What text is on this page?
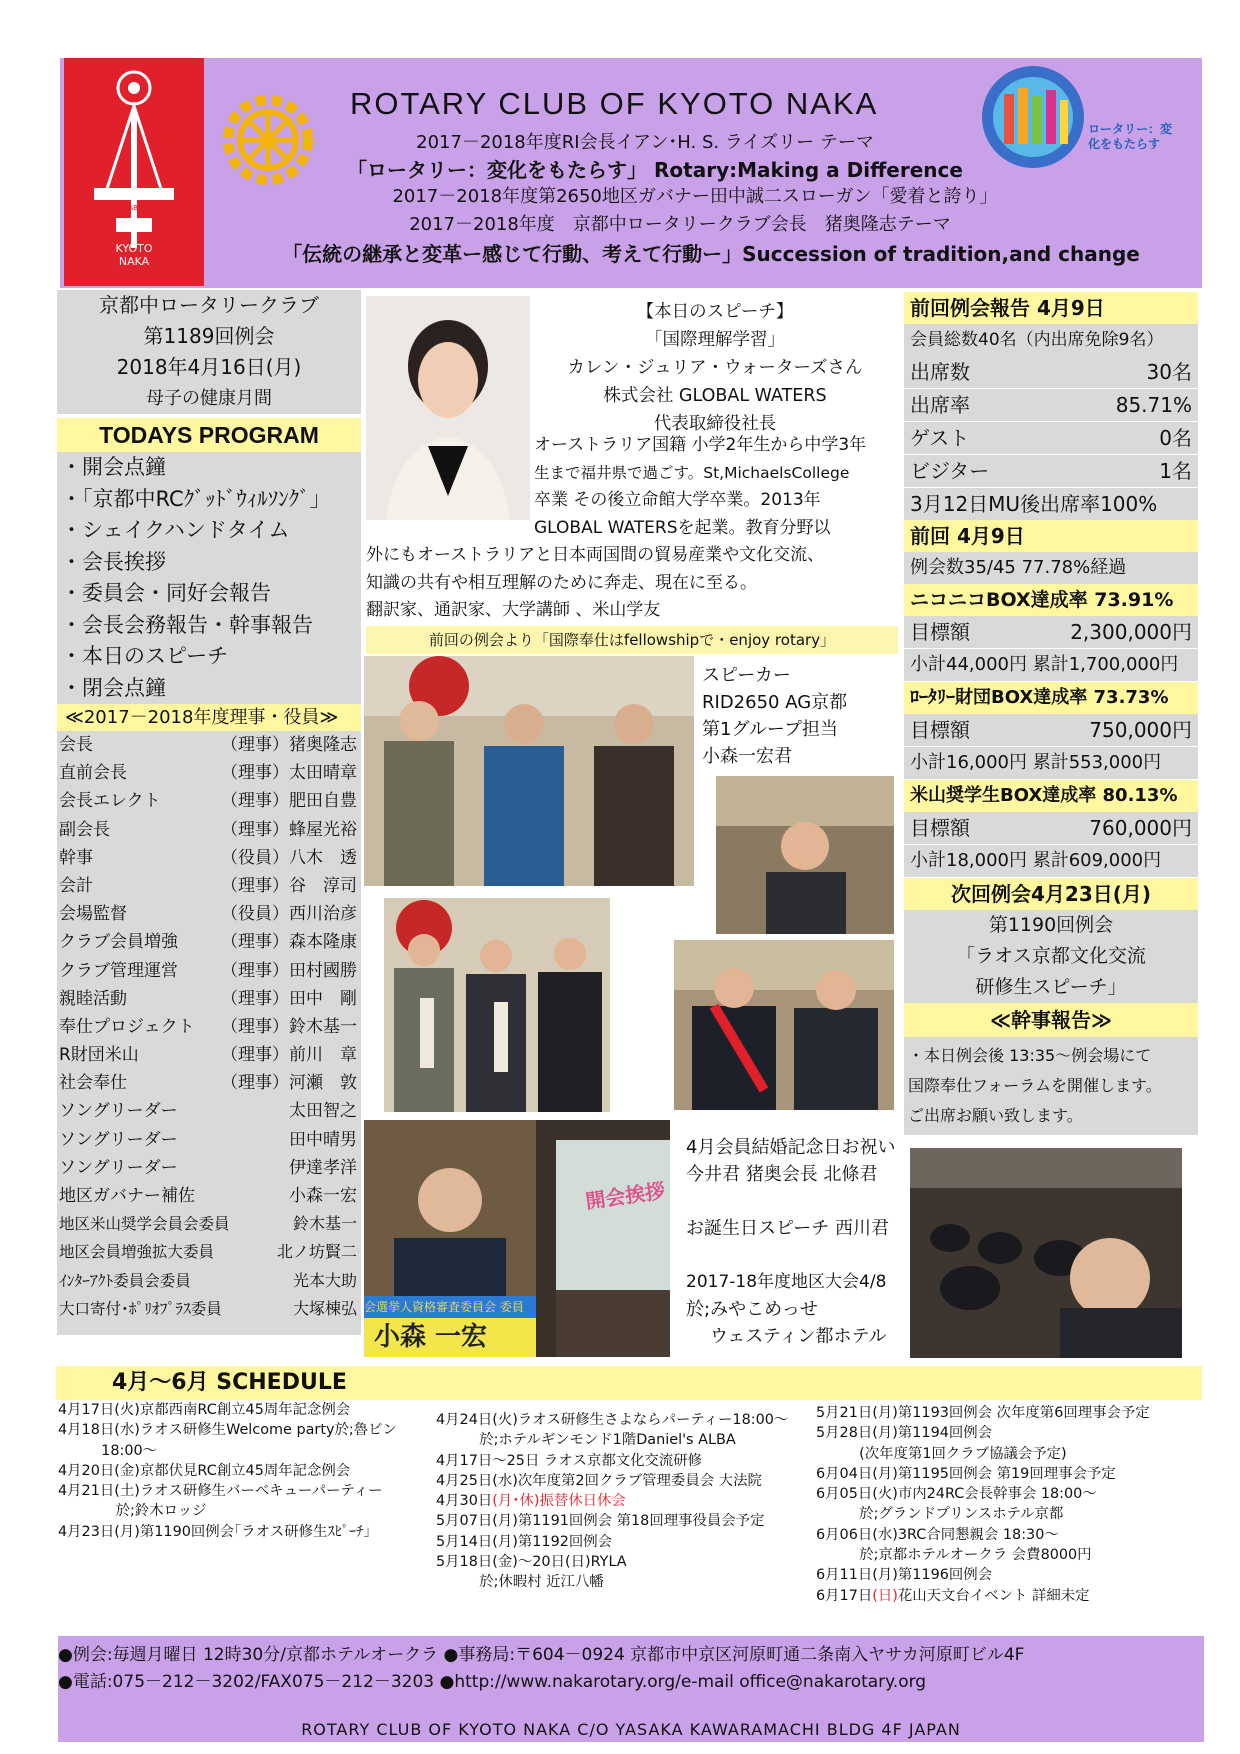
SERVICE ABOVE SELF
KYOTO NAKA
ROTARY CLUB OF KYOTO NAKA
2017－2018年度RI会長イアン･H. S. ライズリー テーマ
「ロータリー：変化をもたらす」 Rotary:Making a Difference
2017－2018年度第2650地区ガバナー田中誠二スローガン「愛着と誇り」
2017－2018年度　京都中ロータリークラブ会長　猪奥隆志テーマ
「伝統の継承と変革ー感じて行動、考えて行動ー」Succession of tradition,and change
ロータリー：変化をもたらす
京都中ロータリークラブ
第1189回例会
2018年4月16日(月)
母子の健康月間
TODAYS PROGRAM
・開会点鐘
・「京都中RCｸﾞｯﾄﾞｳｨﾙｿﾝｸﾞ」
・シェイクハンドタイム
・会長挨拶
・委員会・同好会報告
・会長会務報告・幹事報告
・本日のスピーチ
・閉会点鐘
≪2017－2018年度理事・役員≫
会長	（理事）猪奥隆志
直前会長	（理事）太田晴章
会長エレクト	（理事）肥田自豊
副会長	（理事）蜂屋光裕
幹事	（役員）八木　透
会計	（理事）谷　淳司
会場監督	（役員）西川治彦
クラブ会員増強	（理事）森本隆康
クラブ管理運営	（理事）田村國勝
親睦活動	（理事）田中　剛
奉仕プロジェクト	（理事）鈴木基一
R財団米山	（理事）前川　章
社会奉仕	（理事）河瀬　敦
ソングリーダー	太田智之
ソングリーダー	田中晴男
ソングリーダー	伊達孝洋
地区ガバナー補佐	小森一宏
地区米山奨学会員会委員	鈴木基一
地区会員増強拡大委員	北ノ坊賢二
ｲﾝﾀｰｱｸﾄ委員会委員	光本大助
大口寄付･ﾎﾟﾘｵﾌﾟﾗｽ委員	大塚棟弘
【本日のスピーチ】
「国際理解学習」
カレン・ジュリア・ウォーターズさん
株式会社 GLOBAL WATERS
代表取締役社長
オーストラリア国籍 小学2年生から中学3年
生まで福井県で過ごす。St,MichaelsCollege
卒業 その後立命館大学卒業。2013年
GLOBAL WATERSを起業。教育分野以
外にもオーストラリアと日本両国間の貿易産業や文化交流、
知識の共有や相互理解のために奔走、現在に至る。
翻訳家、通訳家、大学講師 、米山学友
前回の例会より「国際奉仕はfellowshipで・enjoy rotary」
スピーカー
RID2650 AG京都
第1グループ担当
小森一宏君
会選挙人資格審査委員会 委員
小森 一宏
開会挨拶
4月会員結婚記念日お祝い
今井君 猪奥会長 北條君
お誕生日スピーチ 西川君
2017-18年度地区大会4/8
於;みやこめっせ
ウェスティン都ホテル
前回例会報告 4月9日
会員総数40名（内出席免除9名）
出席数	30名
出席率	85.71%
ゲスト	0名
ビジター	1名
3月12日MU後出席率100%
前回 4月9日
例会数35/45 77.78%経過
ニコニコBOX達成率 73.91%
目標額	2,300,000円
小計44,000円 累計1,700,000円
ﾛｰﾀﾘｰ財団BOX達成率 73.73%
目標額	750,000円
小計16,000円 累計553,000円
米山奨学生BOX達成率 80.13%
目標額	760,000円
小計18,000円 累計609,000円
次回例会4月23日(月)
第1190回例会
「ラオス京都文化交流
研修生スピーチ」
≪幹事報告≫
・本日例会後 13:35～例会場にて
国際奉仕フォーラムを開催します。
ご出席お願い致します。
4月～6月 SCHEDULE
4月17日(火)京都西南RC創立45周年記念例会
4月18日(水)ラオス研修生Welcome party於;魯ビン
　　　18:00～
4月20日(金)京都伏見RC創立45周年記念例会
4月21日(土)ラオス研修生バーベキューパーティー
　　　　於;鈴木ロッジ
4月23日(月)第1190回例会｢ラオス研修生ｽﾋﾟｰﾁ｣
4月24日(火)ラオス研修生さよならパーティー18:00～
　　　於;ホテルギンモンド1階Daniel's ALBA
4月17日～25日 ラオス京都文化交流研修
4月25日(水)次年度第2回クラブ管理委員会 大法院
4月30日(月･休)振替休日休会
5月07日(月)第1191回例会 第18回理事役員会予定
5月14日(月)第1192回例会
5月18日(金)～20日(日)RYLA
　　　於;休暇村 近江八幡
5月21日(月)第1193回例会 次年度第6回理事会予定
5月28日(月)第1194回例会
　　　(次年度第1回クラブ協議会予定)
6月04日(月)第1195回例会 第19回理事会予定
6月05日(火)市内24RC会長幹事会 18:00～
　　　於;グランドプリンスホテル京都
6月06日(水)3RC合同懇親会 18:30～
　　　於;京都ホテルオークラ 会費8000円
6月11日(月)第1196回例会
6月17日(日)花山天文台イベント 詳細未定
●例会:毎週月曜日 12時30分/京都ホテルオークラ ●事務局:〒604－0924 京都市中京区河原町通二条南入ヤサカ河原町ビル4F
●電話:075－212－3202/FAX075－212－3203 ●http://www.nakarotary.org/e-mail office@nakarotary.org
ROTARY CLUB OF KYOTO NAKA C/O YASAKA KAWARAMACHI BLDG 4F JAPAN
